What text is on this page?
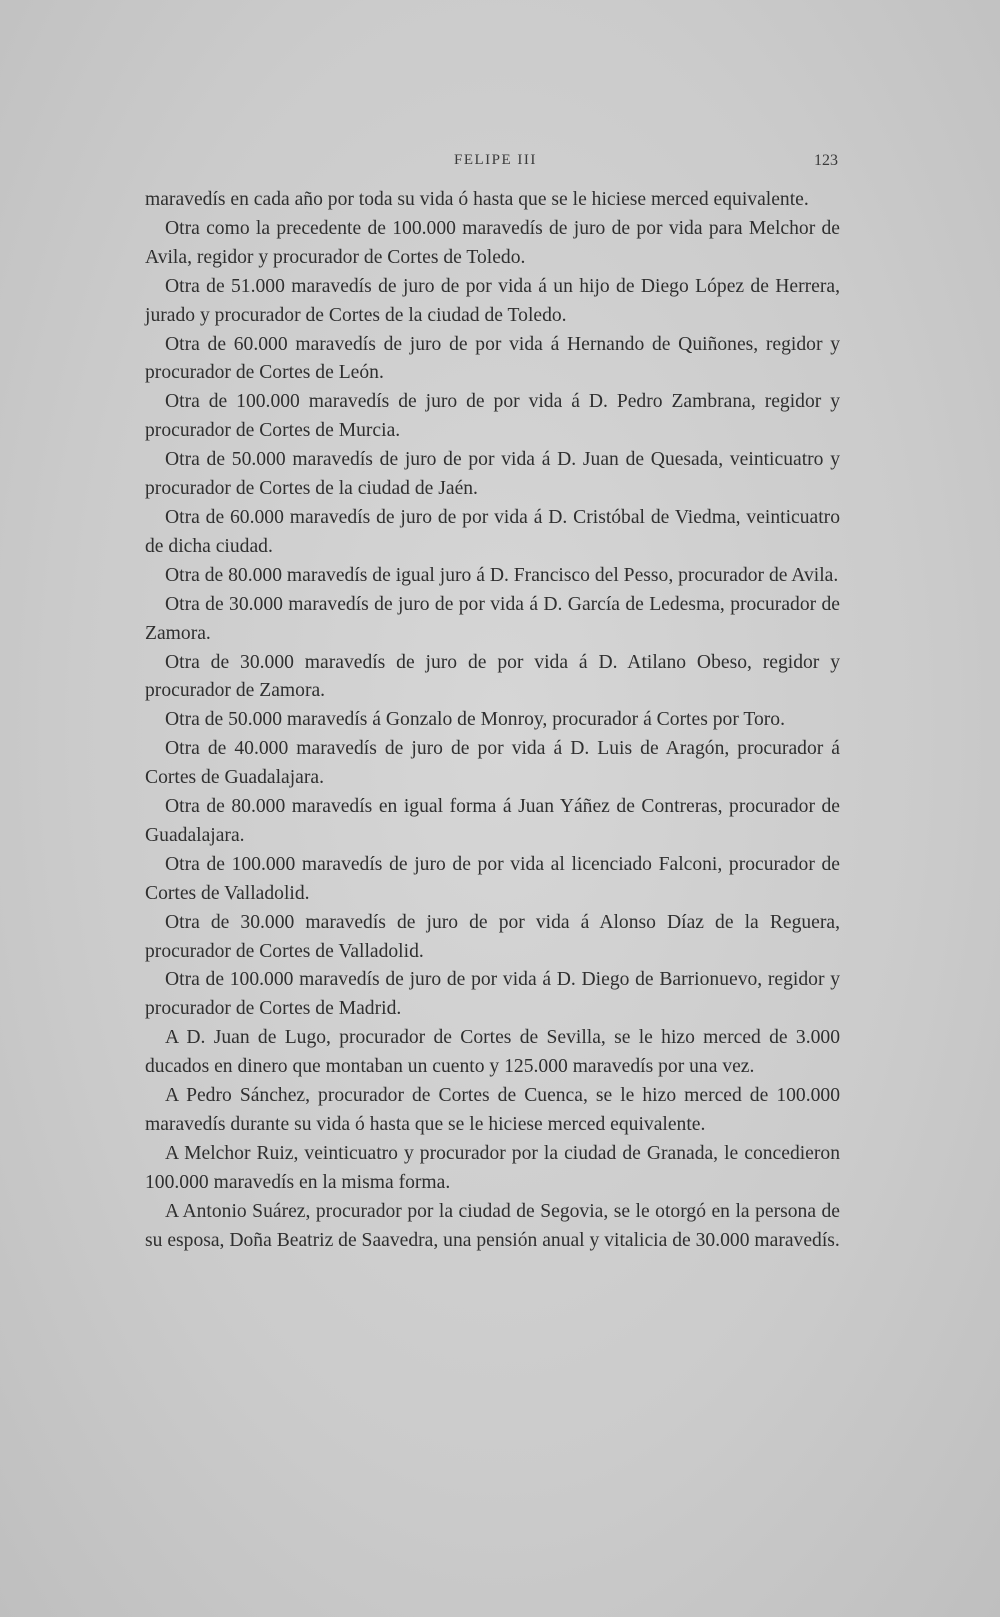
FELIPE III	123

maravedís en cada año por toda su vida ó hasta que se le hiciese merced equivalente.

Otra como la precedente de 100.000 maravedís de juro de por vida para Melchor de Avila, regidor y procurador de Cortes de Toledo.

Otra de 51.000 maravedís de juro de por vida á un hijo de Diego López de Herrera, jurado y procurador de Cortes de la ciudad de Toledo.

Otra de 60.000 maravedís de juro de por vida á Hernando de Quiñones, regidor y procurador de Cortes de León.

Otra de 100.000 maravedís de juro de por vida á D. Pedro Zambrana, regidor y procurador de Cortes de Murcia.

Otra de 50.000 maravedís de juro de por vida á D. Juan de Quesada, veinticuatro y procurador de Cortes de la ciudad de Jaén.

Otra de 60.000 maravedís de juro de por vida á D. Cristóbal de Viedma, veinticuatro de dicha ciudad.

Otra de 80.000 maravedís de igual juro á D. Francisco del Pesso, procurador de Avila.

Otra de 30.000 maravedís de juro de por vida á D. García de Ledesma, procurador de Zamora.

Otra de 30.000 maravedís de juro de por vida á D. Atilano Obeso, regidor y procurador de Zamora.

Otra de 50.000 maravedís á Gonzalo de Monroy, procurador á Cortes por Toro.

Otra de 40.000 maravedís de juro de por vida á D. Luis de Aragón, procurador á Cortes de Guadalajara.

Otra de 80.000 maravedís en igual forma á Juan Yáñez de Contreras, procurador de Guadalajara.

Otra de 100.000 maravedís de juro de por vida al licenciado Falconi, procurador de Cortes de Valladolid.

Otra de 30.000 maravedís de juro de por vida á Alonso Díaz de la Reguera, procurador de Cortes de Valladolid.

Otra de 100.000 maravedís de juro de por vida á D. Diego de Barrionuevo, regidor y procurador de Cortes de Madrid.

A D. Juan de Lugo, procurador de Cortes de Sevilla, se le hizo merced de 3.000 ducados en dinero que montaban un cuento y 125.000 maravedís por una vez.

A Pedro Sánchez, procurador de Cortes de Cuenca, se le hizo merced de 100.000 maravedís durante su vida ó hasta que se le hiciese merced equivalente.

A Melchor Ruiz, veinticuatro y procurador por la ciudad de Granada, le concedieron 100.000 maravedís en la misma forma.

A Antonio Suárez, procurador por la ciudad de Segovia, se le otorgó en la persona de su esposa, Doña Beatriz de Saavedra, una pensión anual y vitalicia de 30.000 maravedís.
